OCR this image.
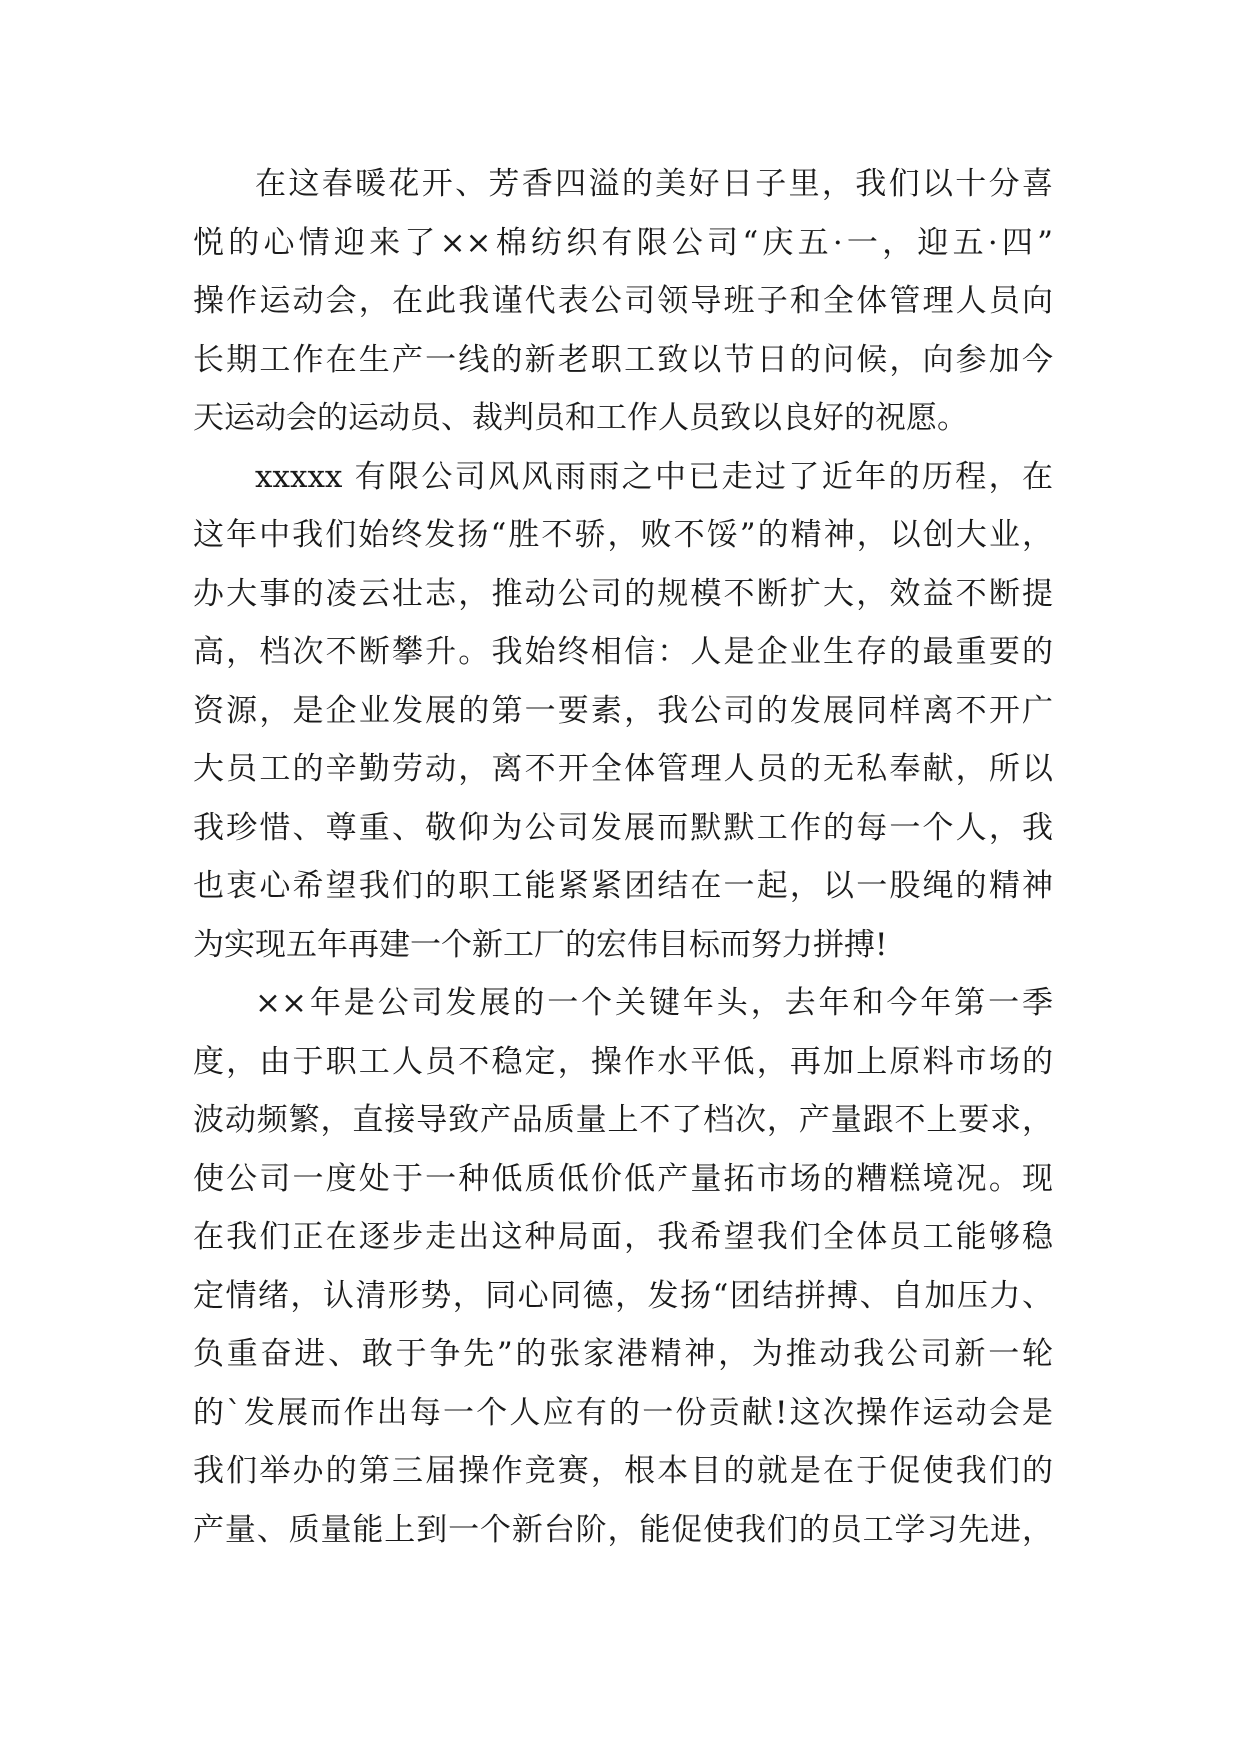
在这春暖花开、芳香四溢的美好日子里，我们以十分喜
悦的心情迎来了××棉纺织有限公司“庆五·一，迎五·四”
操作运动会，在此我谨代表公司领导班子和全体管理人员向
长期工作在生产一线的新老职工致以节日的问候，向参加今
天运动会的运动员、裁判员和工作人员致以良好的祝愿。
xxxxx 有限公司风风雨雨之中已走过了近年的历程，在
这年中我们始终发扬“胜不骄，败不馁”的精神，以创大业，
办大事的凌云壮志，推动公司的规模不断扩大，效益不断提
高，档次不断攀升。我始终相信：人是企业生存的最重要的
资源，是企业发展的第一要素，我公司的发展同样离不开广
大员工的辛勤劳动，离不开全体管理人员的无私奉献，所以
我珍惜、尊重、敬仰为公司发展而默默工作的每一个人，我
也衷心希望我们的职工能紧紧团结在一起，以一股绳的精神
为实现五年再建一个新工厂的宏伟目标而努力拼搏!
××年是公司发展的一个关键年头，去年和今年第一季
度，由于职工人员不稳定，操作水平低，再加上原料市场的
波动频繁，直接导致产品质量上不了档次，产量跟不上要求，
使公司一度处于一种低质低价低产量拓市场的糟糕境况。现
在我们正在逐步走出这种局面，我希望我们全体员工能够稳
定情绪，认清形势，同心同德，发扬“团结拼搏、自加压力、
负重奋进、敢于争先”的张家港精神，为推动我公司新一轮
的`发展而作出每一个人应有的一份贡献!这次操作运动会是
我们举办的第三届操作竞赛，根本目的就是在于促使我们的
产量、质量能上到一个新台阶，能促使我们的员工学习先进，
